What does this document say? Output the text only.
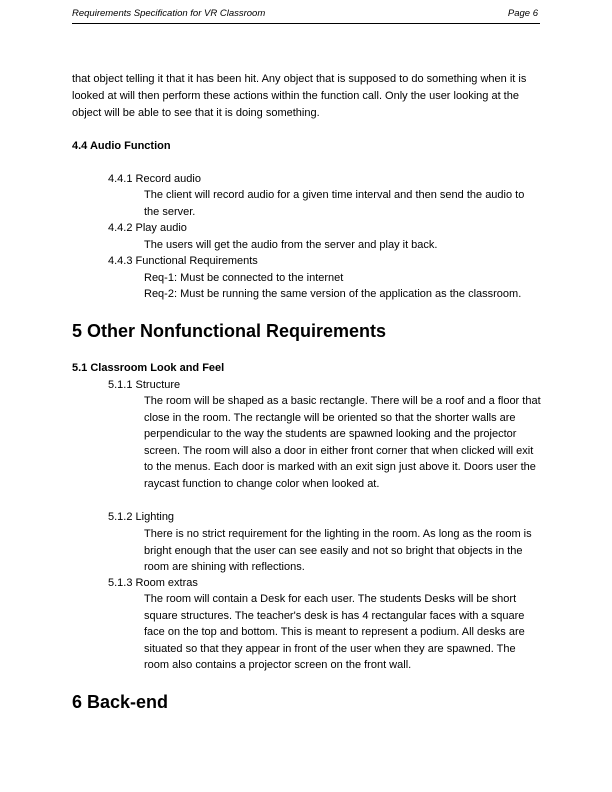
Requirements Specification for VR Classroom	Page 6

that object telling it that it has been hit. Any object that is supposed to do something when it is looked at will then perform these actions within the function call. Only the user looking at the object will be able to see that it is doing something.

4.4 Audio Function

4.4.1 Record audio

The client will record audio for a given time interval and then send the audio to the server.

4.4.2 Play audio

The users will get the audio from the server and play it back.

4.4.3 Functional Requirements

Req-1: Must be connected to the internet

Req-2: Must be running the same version of the application as the classroom.

5 Other Nonfunctional Requirements

5.1 Classroom Look and Feel

5.1.1 Structure

The room will be shaped as a basic rectangle. There will be a roof and a floor that close in the room. The rectangle will be oriented so that the shorter walls are perpendicular to the way the students are spawned looking and the projector screen. The room will also a door in either front corner that when clicked will exit to the menus. Each door is marked with an exit sign just above it. Doors user the raycast function to change color when looked at.

5.1.2 Lighting

There is no strict requirement for the lighting in the room. As long as the room is bright enough that the user can see easily and not so bright that objects in the room are shining with reflections.

5.1.3 Room extras

The room will contain a Desk for each user. The students Desks will be short square structures. The teacher's desk is has 4 rectangular faces with a square face on the top and bottom. This is meant to represent a podium. All desks are situated so that they appear in front of the user when they are spawned. The room also contains a projector screen on the front wall.

6 Back-end
